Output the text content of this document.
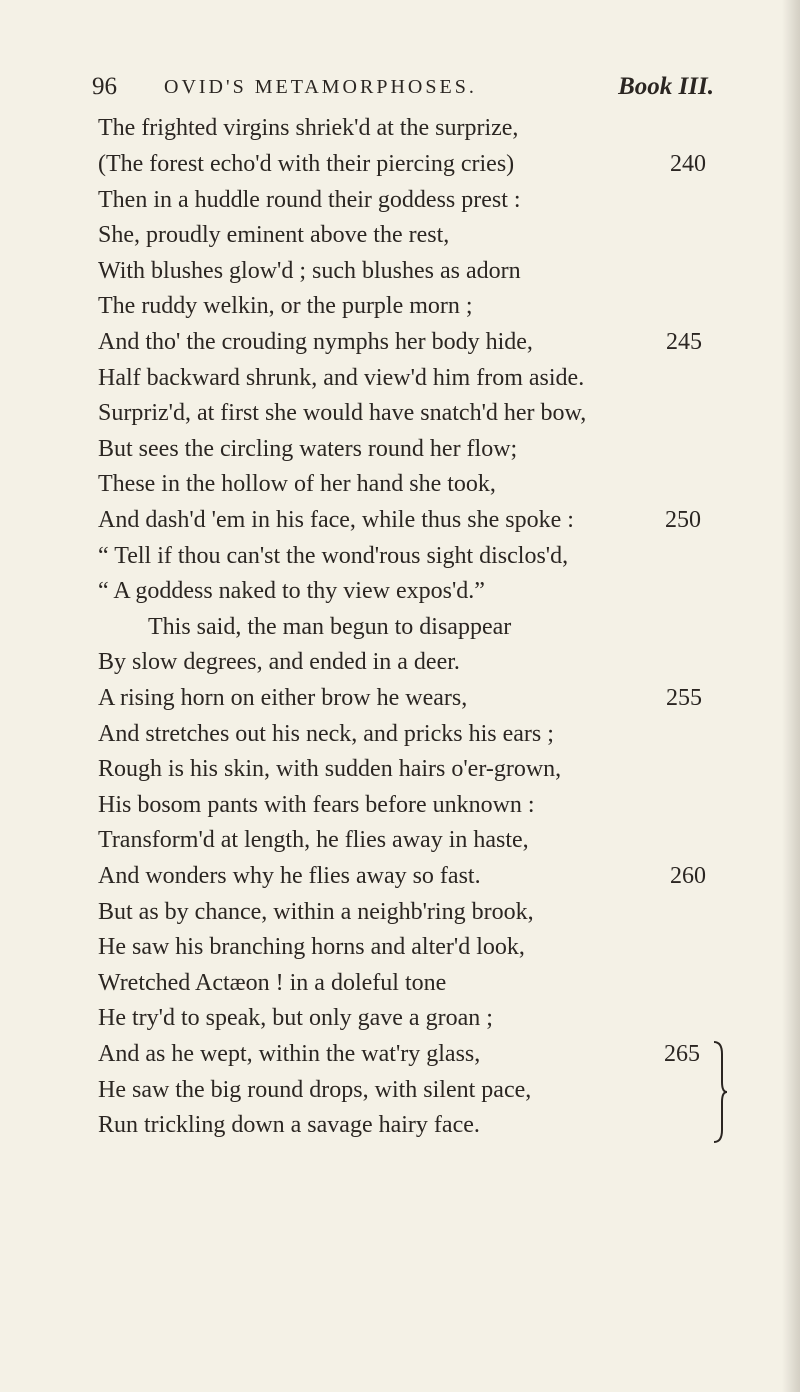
96 OVID'S METAMORPHOSES.	Book III.
The frighted virgins shriek'd at the surprize,
(The forest echo'd with their piercing cries)
Then in a huddle round their goddess prest :
She, proudly eminent above the rest,
With blushes glow'd ; such blushes as adorn
The ruddy welkin, or the purple morn ;
And tho' the crouding nymphs her body hide,
Half backward shrunk, and view'd him from aside.
Surpriz'd, at first she would have snatch'd her bow,
But sees the circling waters round her flow;
These in the hollow of her hand she took,
And dash'd 'em in his face, while thus she spoke :
“ Tell if thou can'st the wond'rous sight disclos'd,
“ A goddess naked to thy view expos'd.”
This said, the man begun to disappear
By slow degrees, and ended in a deer.
A rising horn on either brow he wears,
And stretches out his neck, and pricks his ears ;
Rough is his skin, with sudden hairs o'er-grown,
His bosom pants with fears before unknown :
Transform'd at length, he flies away in haste,
And wonders why he flies away so fast.
But as by chance, within a neighb'ring brook,
He saw his branching horns and alter'd look,
Wretched Actæon ! in a doleful tone
He try'd to speak, but only gave a groan ;
And as he wept, within the wat'ry glass,
He saw the big round drops, with silent pace,
Run trickling down a savage hairy face.
240
245
250
255
260
265
